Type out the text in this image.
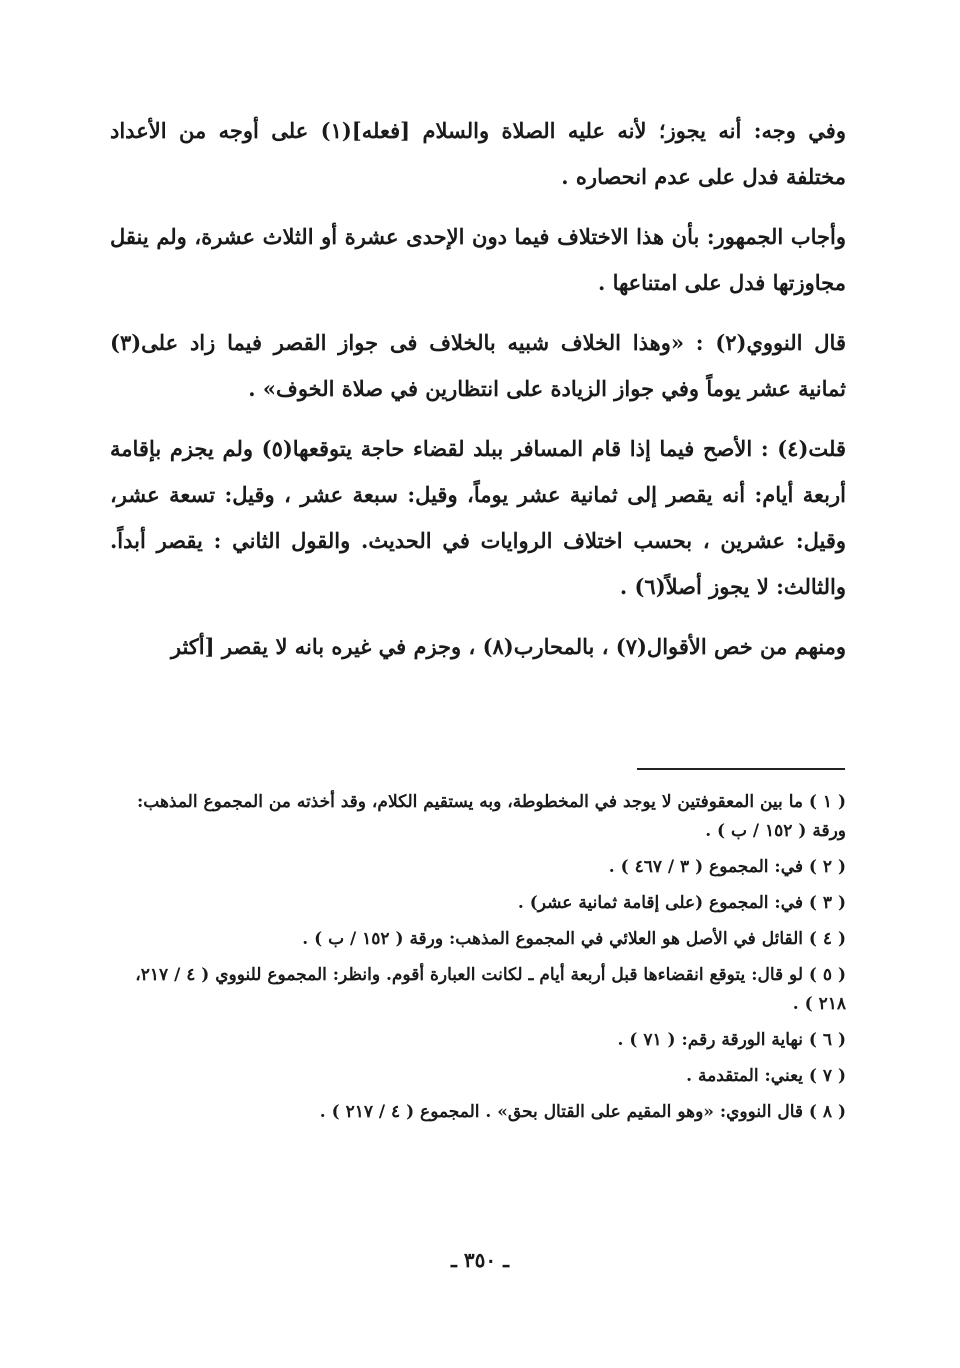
وفي وجه: أنه يجوز؛ لأنه عليه الصلاة والسلام [فعله](١) على أوجه من الأعداد مختلفة فدل على عدم انحصاره .

وأجاب الجمهور: بأن هذا الاختلاف فيما دون الإحدى عشرة أو الثلاث عشرة، ولم ينقل مجاوزتها فدل على امتناعها .

قال النووي(٢) : «وهذا الخلاف شبيه بالخلاف فى جواز القصر فيما زاد على(٣) ثمانية عشر يوماً وفي جواز الزيادة على انتظارين في صلاة الخوف» .

قلت(٤) : الأصح فيما إذا قام المسافر ببلد لقضاء حاجة يتوقعها(٥) ولم يجزم بإقامة أربعة أيام: أنه يقصر إلى ثمانية عشر يوماً، وقيل: سبعة عشر ، وقيل: تسعة عشر، وقيل: عشرين ، بحسب اختلاف الروايات في الحديث. والقول الثاني : يقصر أبداً. والثالث: لا يجوز أصلاً(٦) .

ومنهم من خص الأقوال(٧) ، بالمحارب(٨) ، وجزم في غيره بانه لا يقصر [أكثر

( ١ ) ما بين المعقوفتين لا يوجد في المخطوطة، وبه يستقيم الكلام، وقد أخذته من المجموع المذهب: ورقة ( ١٥٢ / ب ) .

( ٢ ) في: المجموع ( ٣ / ٤٦٧ ) .

( ٣ ) في: المجموع (على إقامة ثمانية عشر) .

( ٤ ) القائل في الأصل هو العلائي في المجموع المذهب: ورقة ( ١٥٢ / ب ) .

( ٥ ) لو قال: يتوقع انقضاءها قبل أربعة أيام ـ لكانت العبارة أقوم. وانظر: المجموع للنووي ( ٤ / ٢١٧، ٢١٨ ) .

( ٦ ) نهاية الورقة رقم: ( ٧١ ) .

( ٧ ) يعني: المتقدمة .

( ٨ ) قال النووي: «وهو المقيم على القتال بحق» . المجموع ( ٤ / ٢١٧ ) .

ـ ٣٥٠ ـ
